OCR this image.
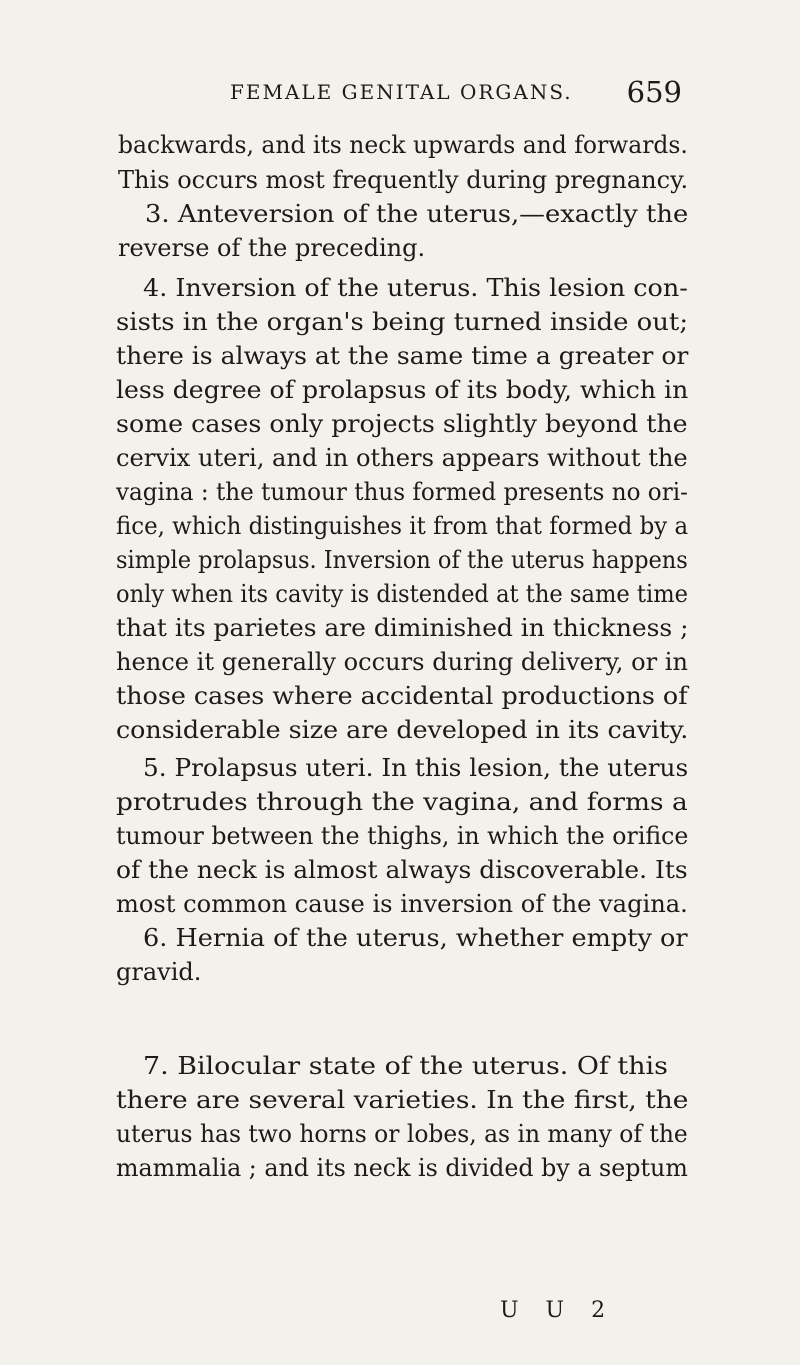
FEMALE GENITAL ORGANS. 659
backwards, and its neck upwards and forwards.
This occurs most frequently during pregnancy.
3. Anteversion of the uterus,—exactly the
reverse of the preceding.
4. Inversion of the uterus. This lesion con-
sists in the organ's being turned inside out;
there is always at the same time a greater or
less degree of prolapsus of its body, which in
some cases only projects slightly beyond the
cervix uteri, and in others appears without the
vagina : the tumour thus formed presents no ori-
fice, which distinguishes it from that formed by a
simple prolapsus. Inversion of the uterus happens
only when its cavity is distended at the same time
that its parietes are diminished in thickness ;
hence it generally occurs during delivery, or in
those cases where accidental productions of
considerable size are developed in its cavity.
5. Prolapsus uteri. In this lesion, the uterus
protrudes through the vagina, and forms a
tumour between the thighs, in which the orifice
of the neck is almost always discoverable. Its
most common cause is inversion of the vagina.
6. Hernia of the uterus, whether empty or
gravid.
7. Bilocular state of the uterus. Of this
there are several varieties. In the first, the
uterus has two horns or lobes, as in many of the
mammalia ; and its neck is divided by a septum
U U 2
